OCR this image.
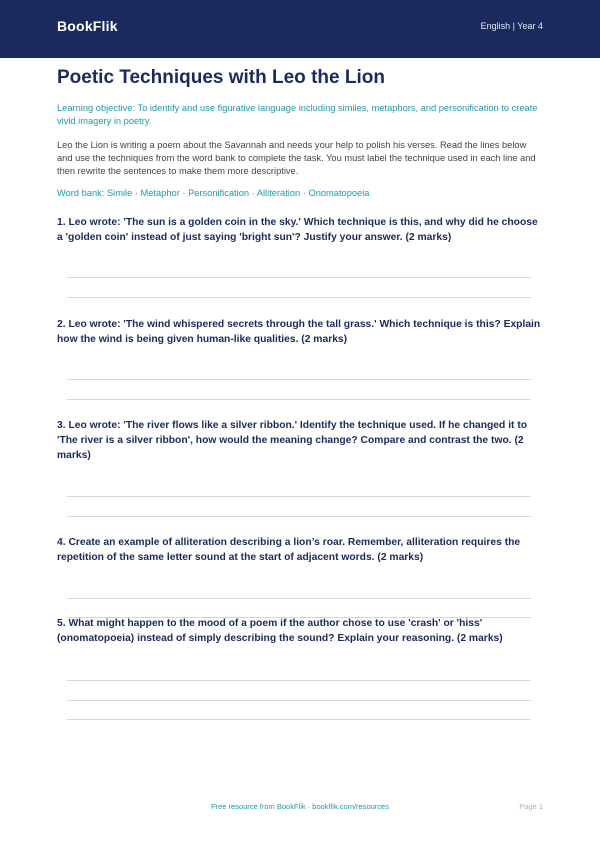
BookFlik	English | Year 4
Poetic Techniques with Leo the Lion
Learning objective: To identify and use figurative language including similes, metaphors, and personification to create vivid imagery in poetry.
Leo the Lion is writing a poem about the Savannah and needs your help to polish his verses. Read the lines below and use the techniques from the word bank to complete the task. You must label the technique used in each line and then rewrite the sentences to make them more descriptive.
Word bank: Simile · Metaphor · Personification · Alliteration · Onomatopoeia
1. Leo wrote: 'The sun is a golden coin in the sky.' Which technique is this, and why did he choose a 'golden coin' instead of just saying 'bright sun'? Justify your answer. (2 marks)
2. Leo wrote: 'The wind whispered secrets through the tall grass.' Which technique is this? Explain how the wind is being given human-like qualities. (2 marks)
3. Leo wrote: 'The river flows like a silver ribbon.' Identify the technique used. If he changed it to 'The river is a silver ribbon', how would the meaning change? Compare and contrast the two. (2 marks)
4. Create an example of alliteration describing a lion’s roar. Remember, alliteration requires the repetition of the same letter sound at the start of adjacent words. (2 marks)
5. What might happen to the mood of a poem if the author chose to use 'crash' or 'hiss' (onomatopoeia) instead of simply describing the sound? Explain your reasoning. (2 marks)
Free resource from BookFlik · bookflik.com/resources	Page 1
